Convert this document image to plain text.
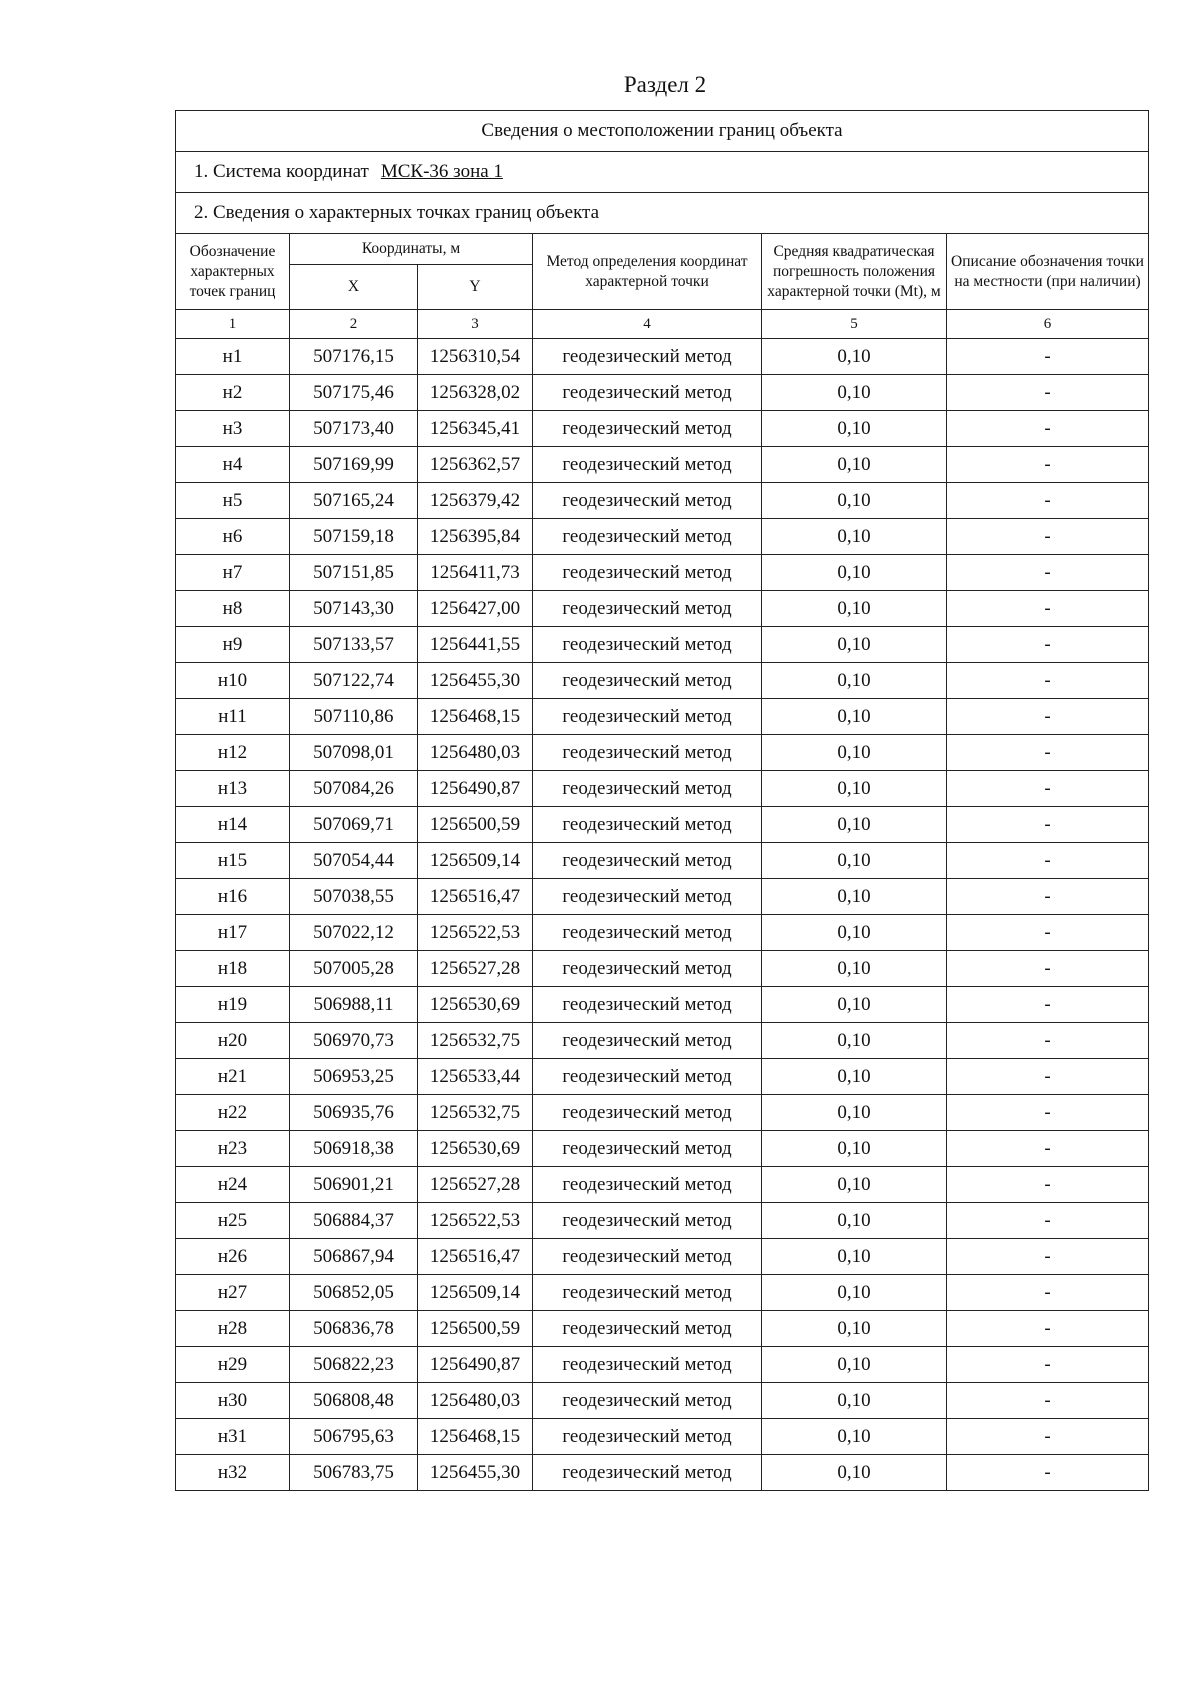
Раздел 2
Сведения о местоположении границ объекта					
1. Система координат МСК-36 зона 1					
2. Сведения о характерных точках границ объекта					
Обозначение характерных точек границ	Координаты, м		Метод определения координат характерной точки	Средняя квадратическая погрешность положения характерной точки (Mt), м	Описание обозначения точки на местности (при наличии)
	X	Y			
1	2	3	4	5	6
н1	507176,15	1256310,54	геодезический метод	0,10	-
н2	507175,46	1256328,02	геодезический метод	0,10	-
н3	507173,40	1256345,41	геодезический метод	0,10	-
н4	507169,99	1256362,57	геодезический метод	0,10	-
н5	507165,24	1256379,42	геодезический метод	0,10	-
н6	507159,18	1256395,84	геодезический метод	0,10	-
н7	507151,85	1256411,73	геодезический метод	0,10	-
н8	507143,30	1256427,00	геодезический метод	0,10	-
н9	507133,57	1256441,55	геодезический метод	0,10	-
н10	507122,74	1256455,30	геодезический метод	0,10	-
н11	507110,86	1256468,15	геодезический метод	0,10	-
н12	507098,01	1256480,03	геодезический метод	0,10	-
н13	507084,26	1256490,87	геодезический метод	0,10	-
н14	507069,71	1256500,59	геодезический метод	0,10	-
н15	507054,44	1256509,14	геодезический метод	0,10	-
н16	507038,55	1256516,47	геодезический метод	0,10	-
н17	507022,12	1256522,53	геодезический метод	0,10	-
н18	507005,28	1256527,28	геодезический метод	0,10	-
н19	506988,11	1256530,69	геодезический метод	0,10	-
н20	506970,73	1256532,75	геодезический метод	0,10	-
н21	506953,25	1256533,44	геодезический метод	0,10	-
н22	506935,76	1256532,75	геодезический метод	0,10	-
н23	506918,38	1256530,69	геодезический метод	0,10	-
н24	506901,21	1256527,28	геодезический метод	0,10	-
н25	506884,37	1256522,53	геодезический метод	0,10	-
н26	506867,94	1256516,47	геодезический метод	0,10	-
н27	506852,05	1256509,14	геодезический метод	0,10	-
н28	506836,78	1256500,59	геодезический метод	0,10	-
н29	506822,23	1256490,87	геодезический метод	0,10	-
н30	506808,48	1256480,03	геодезический метод	0,10	-
н31	506795,63	1256468,15	геодезический метод	0,10	-
н32	506783,75	1256455,30	геодезический метод	0,10	-
